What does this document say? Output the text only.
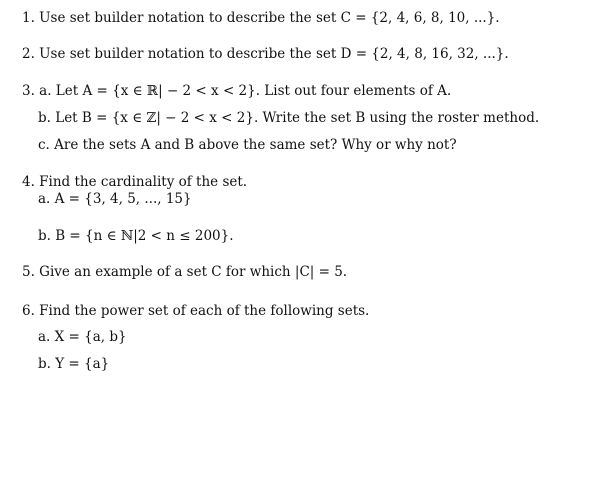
1. Use set builder notation to describe the set C = {2, 4, 6, 8, 10, ...}.
2. Use set builder notation to describe the set D = {2, 4, 8, 16, 32, ...}.
3. a. Let A = {x ∈ ℝ| − 2 < x < 2}. List out four elements of A.
b. Let B = {x ∈ ℤ| − 2 < x < 2}. Write the set B using the roster method.
c. Are the sets A and B above the same set? Why or why not?
4. Find the cardinality of the set.
a. A = {3, 4, 5, ..., 15}
b. B = {n ∈ ℕ|2 < n ≤ 200}.
5. Give an example of a set C for which |C| = 5.
6. Find the power set of each of the following sets.
a. X = {a, b}
b. Y = {a}
